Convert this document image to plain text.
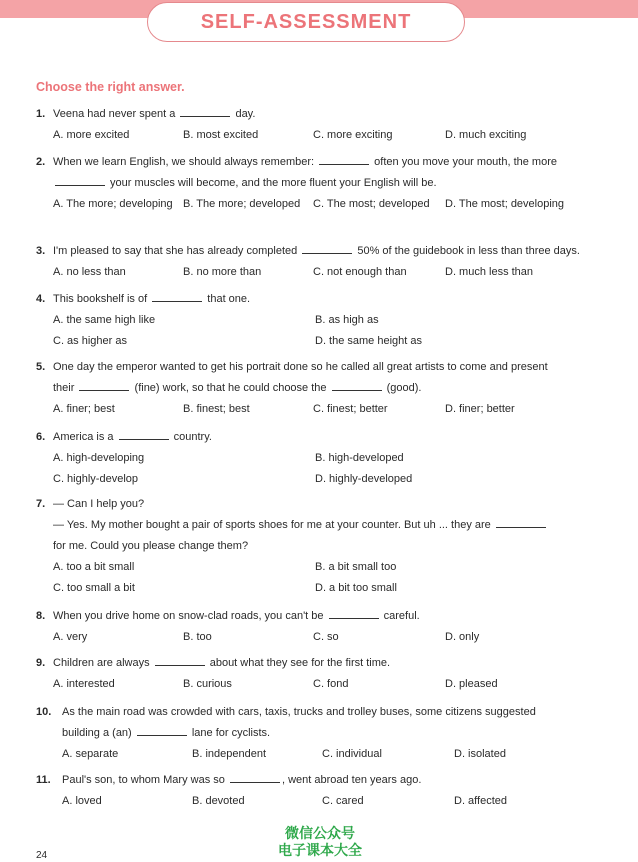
SELF-ASSESSMENT
Choose the right answer.
1. Veena had never spent a	day.
A. more excited	B. most excited	C. more exciting	D. much exciting
2. When we learn English, we should always remember:	often you move your mouth, the more
your muscles will become, and the more fluent your English will be.
A. The more; developing B. The more; developed C. The most; developed D. The most; developing
3. I'm pleased to say that she has already completed	50% of the guidebook in less than three days.
A. no less than	B. no more than	C. not enough than	D. much less than
4. This bookshelf is of	that one.
A. the same high like	B. as high as
C. as higher as	D. the same height as
5. One day the emperor wanted to get his portrait done so he called all great artists to come and present
their	(fine) work, so that he could choose the	(good).
A. finer; best	B. finest; best	C. finest; better	D. finer; better
6. America is a	country.
A. high-developing	B. high-developed
C. highly-develop	D. highly-developed
7. — Can I help you?
— Yes. My mother bought a pair of sports shoes for me at your counter. But uh ... they are
for me. Could you please change them?
A. too a bit small	B. a bit small too
C. too small a bit	D. a bit too small
8. When you drive home on snow-clad roads, you can't be	careful.
A. very	B. too	C. so	D. only
9. Children are always	about what they see for the first time.
A. interested	B. curious	C. fond	D. pleased
10. As the main road was crowded with cars, taxis, trucks and trolley buses, some citizens suggested
building a (an)	lane for cyclists.
A. separate	B. independent	C. individual	D. isolated
11. Paul's son, to whom Mary was so	, went abroad ten years ago.
A. loved	B. devoted	C. cared	D. affected
微信公众号
电子课本大全
24
